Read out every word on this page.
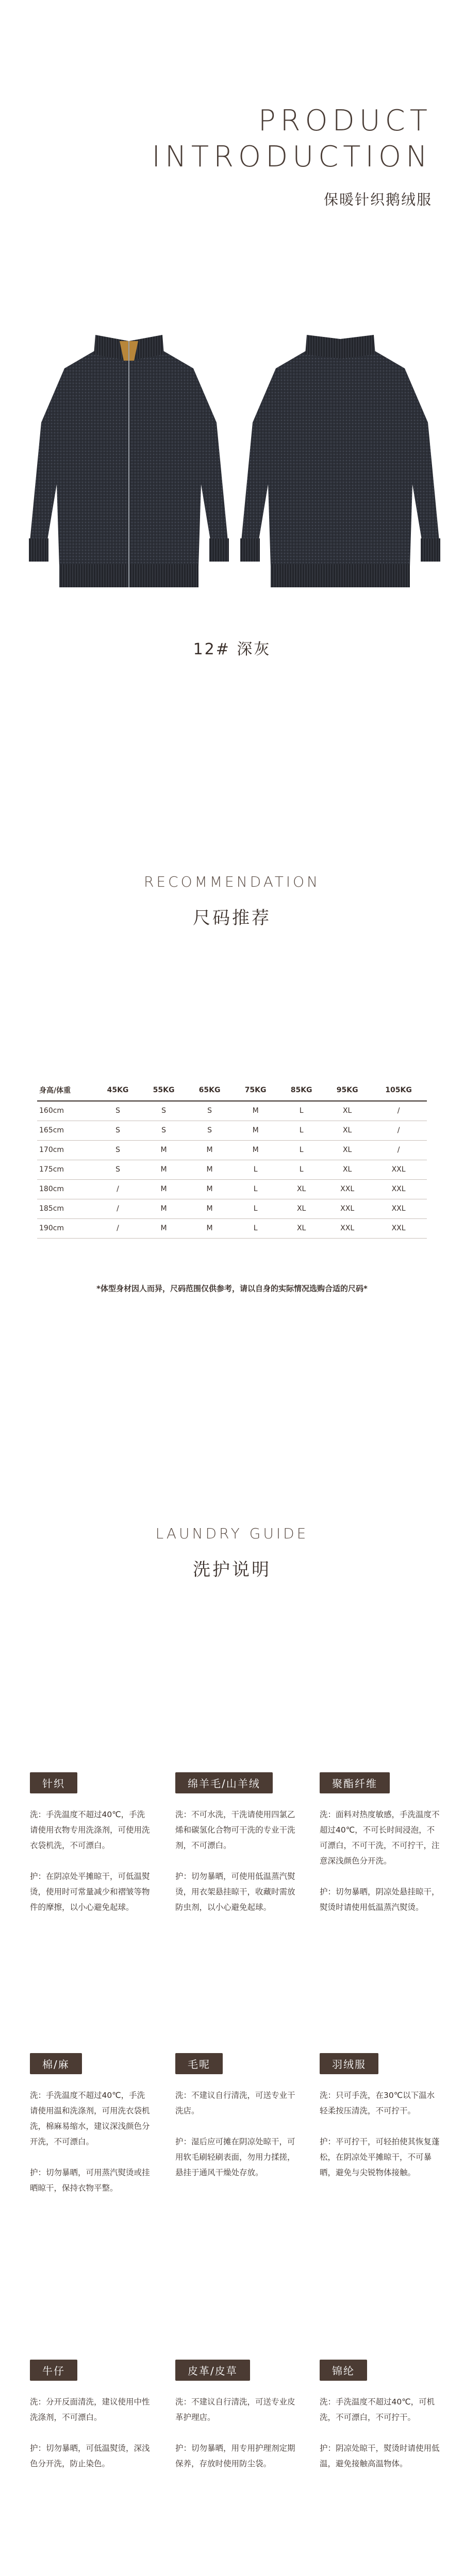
PRODUCT
INTRODUCTION
保暖针织鹅绒服
12# 深灰
RECOMMENDATION
尺码推荐
身高/体重	45KG	55KG	65KG	75KG	85KG	95KG	105KG
160cm	S	S	S	M	L	XL	/
165cm	S	S	S	M	L	XL	/
170cm	S	M	M	M	L	XL	/
175cm	S	M	M	L	L	XL	XXL
180cm	/	M	M	L	XL	XXL	XXL
185cm	/	M	M	L	XL	XXL	XXL
190cm	/	M	M	L	XL	XXL	XXL
*体型身材因人而异，尺码范围仅供参考，请以自身的实际情况选购合适的尺码*
LAUNDRY GUIDE
洗护说明
针织

洗：手洗温度不超过40℃，手洗请使用衣物专用洗涤剂，可使用洗衣袋机洗，不可漂白。

护：在阴凉处平摊晾干，可低温熨烫，使用时可常量减少和褶皱等物件的摩擦，以小心避免起球。

绵羊毛/山羊绒

洗：不可水洗，干洗请使用四氯乙烯和碳氢化合物可干洗的专业干洗剂，不可漂白。

护：切勿暴晒，可使用低温蒸汽熨烫，用衣架悬挂晾干，收藏时需放防虫剂，以小心避免起球。

聚酯纤维

洗：面料对热度敏感，手洗温度不超过40℃，不可长时间浸泡，不可漂白，不可干洗，不可拧干，注意深浅颜色分开洗。

护：切勿暴晒，阴凉处悬挂晾干，熨烫时请使用低温蒸汽熨烫。

棉/麻

洗：手洗温度不超过40℃，手洗请使用温和洗涤剂，可用洗衣袋机洗，棉麻易缩水，建议深浅颜色分开洗，不可漂白。

护：切勿暴晒，可用蒸汽熨烫或挂晒晾干，保持衣物平整。

毛呢

洗：不建议自行清洗，可送专业干洗店。

护：湿后应可摊在阴凉处晾干，可用软毛刷轻刷表面，勿用力揉搓，悬挂于通风干燥处存放。

羽绒服

洗：只可手洗，在30℃以下温水轻柔按压清洗，不可拧干。

护：平可拧干，可轻拍使其恢复蓬松，在阴凉处平摊晾干，不可暴晒，避免与尖锐物体接触。

牛仔

洗：分开反面清洗，建议使用中性洗涤剂，不可漂白。

护：切勿暴晒，可低温熨烫，深浅色分开洗，防止染色。

皮革/皮草

洗：不建议自行清洗，可送专业皮革护理店。

护：切勿暴晒，用专用护理剂定期保养，存放时使用防尘袋。

锦纶

洗：手洗温度不超过40℃，可机洗，不可漂白，不可拧干。

护：阴凉处晾干，熨烫时请使用低温，避免接触高温物体。
